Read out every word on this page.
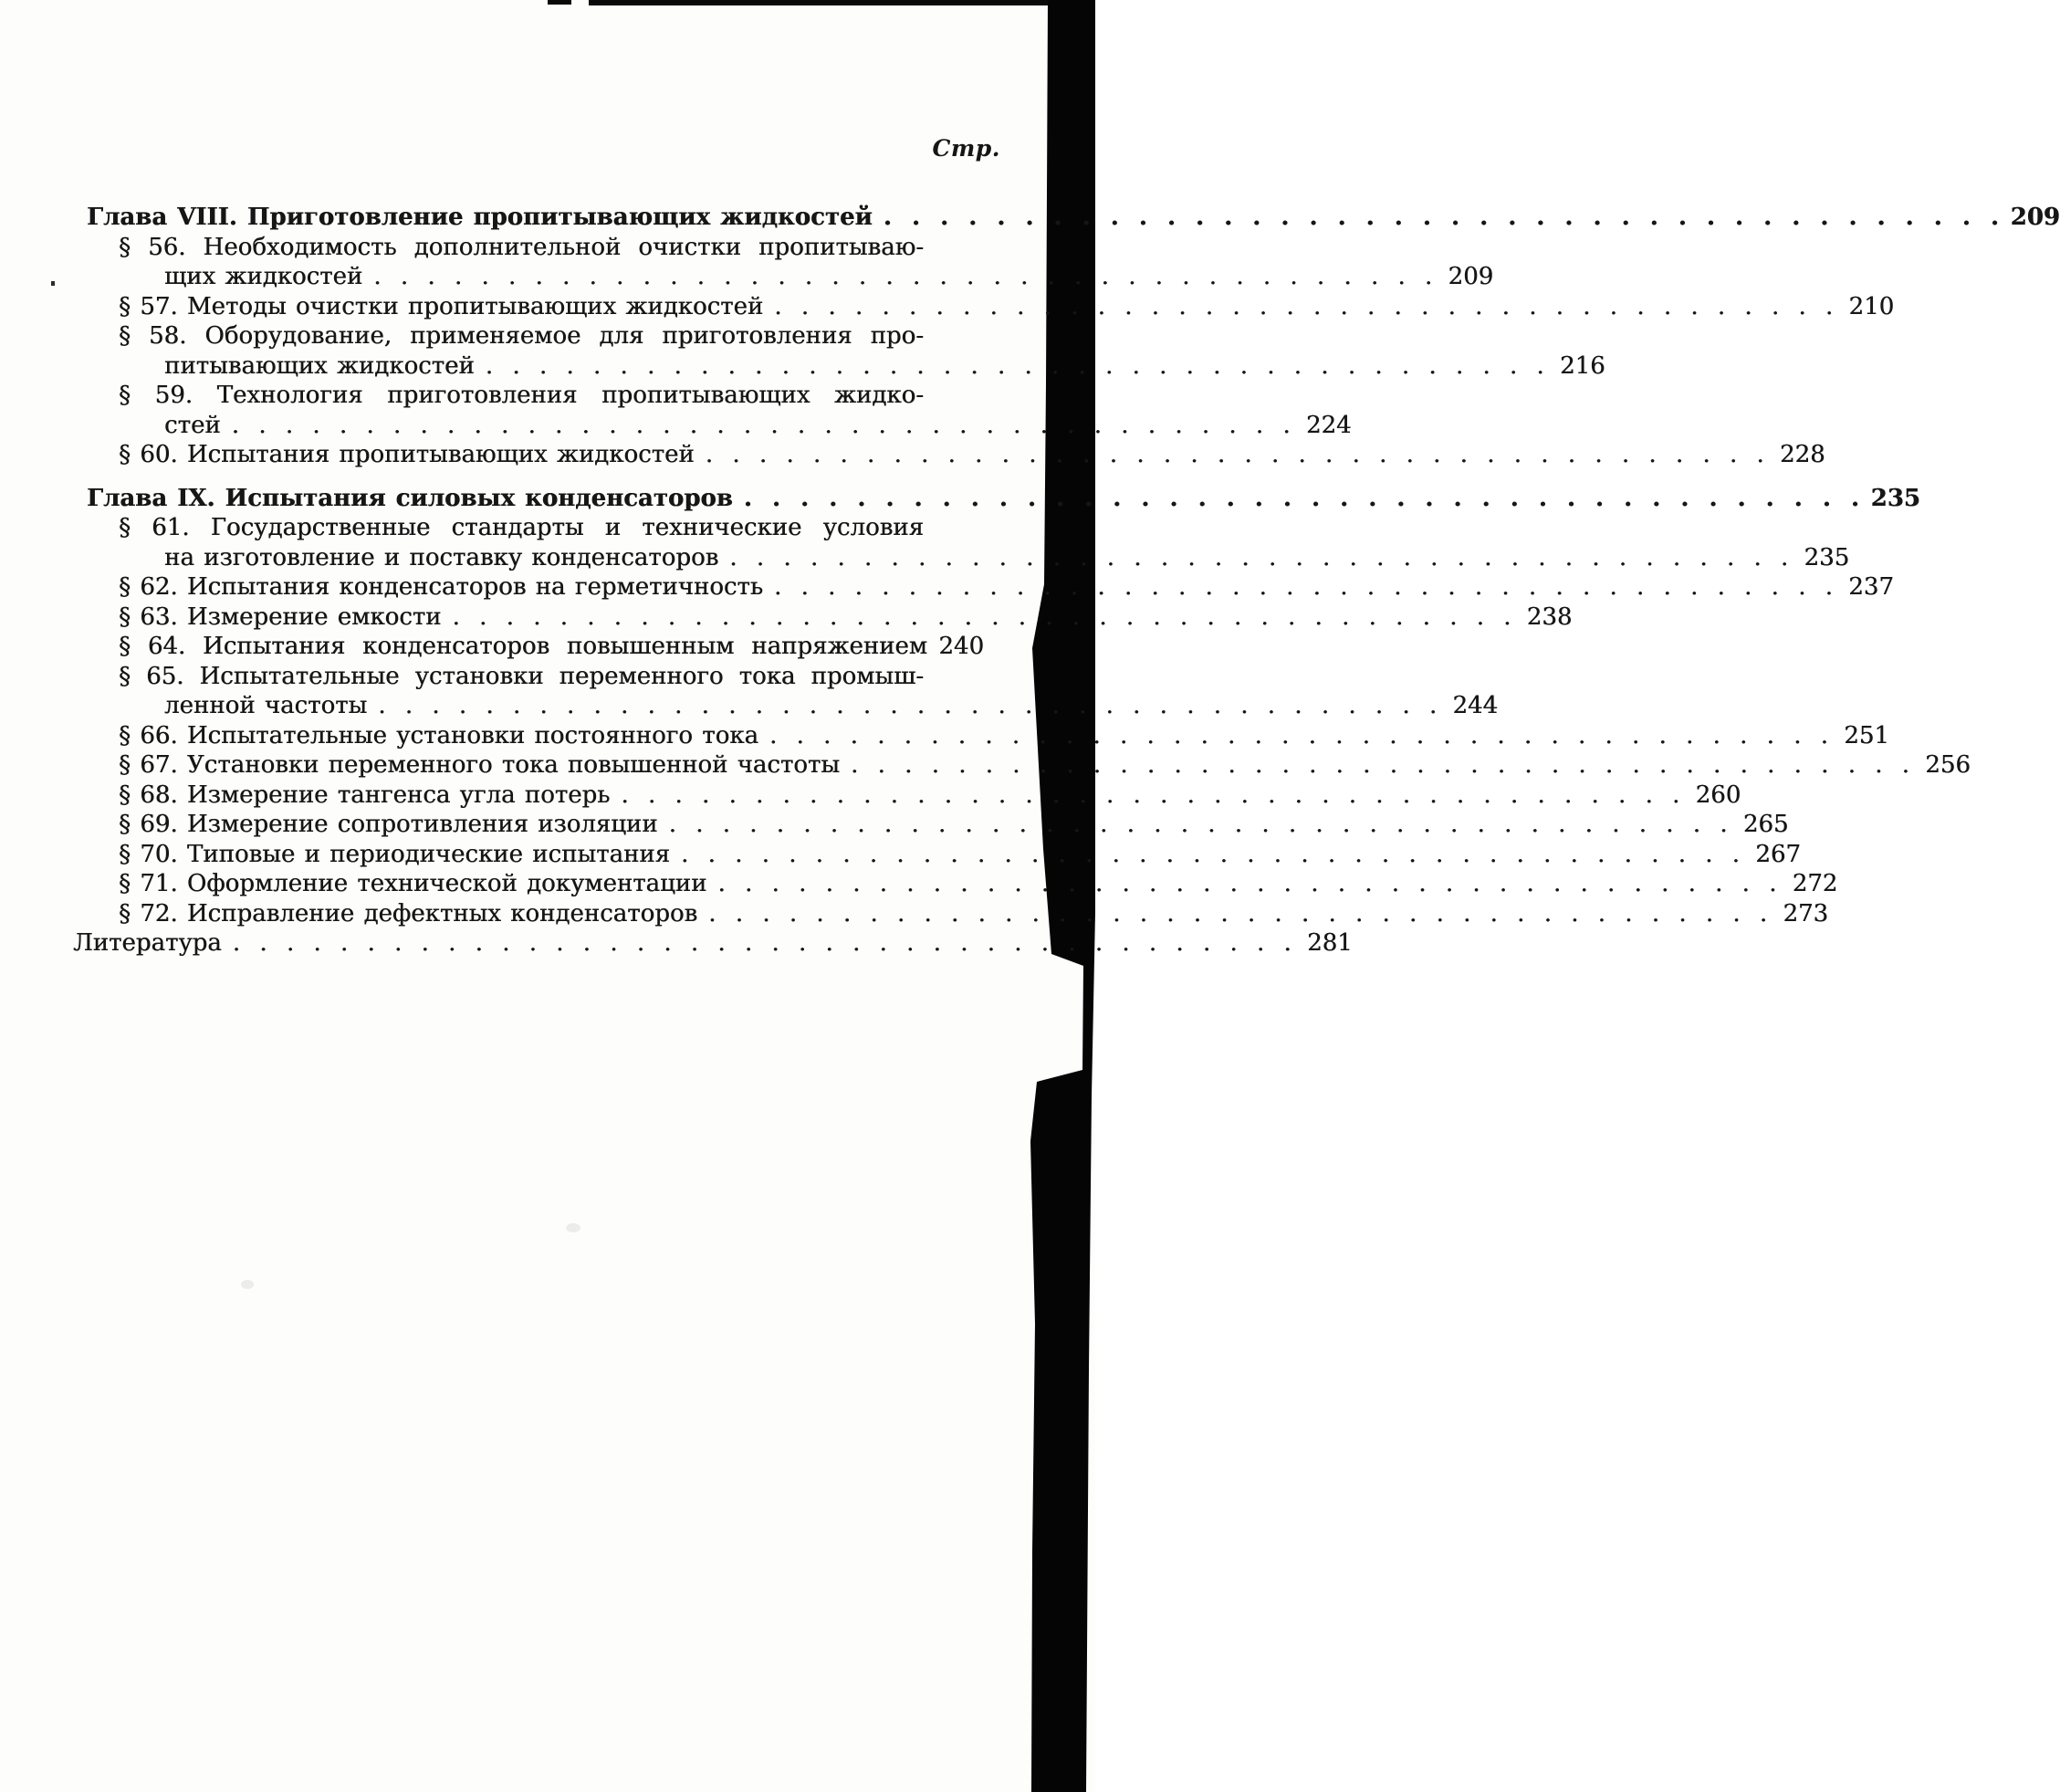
Стр.
Глава VIII. Приготовление пропитывающих жидкостей . . . . . . . . . . . . . . . . . . . . . . . . . . . . . . . . . . . . . . . . 209
§ 56. Необходимость дополнительной очистки пропитываю-
щих жидкостей . . . . . . . . . . . . . . . . . . . . . . . . . . . . . . . . . . . . . . . . 209
§ 57. Методы очистки пропитывающих жидкостей . . . . . . . . . . . . . . . . . . . . . . . . . . . . . . . . . . . . . . . . 210
§ 58. Оборудование, применяемое для приготовления про-
питывающих жидкостей . . . . . . . . . . . . . . . . . . . . . . . . . . . . . . . . . . . . . . . . 216
§ 59. Технология приготовления пропитывающих жидко-
стей . . . . . . . . . . . . . . . . . . . . . . . . . . . . . . . . . . . . . . . . 224
§ 60. Испытания пропитывающих жидкостей . . . . . . . . . . . . . . . . . . . . . . . . . . . . . . . . . . . . . . . . 228
Глава IX. Испытания силовых конденсаторов . . . . . . . . . . . . . . . . . . . . . . . . . . . . . . . . . . . . . . . . 235
§ 61. Государственные стандарты и технические условия
на изготовление и поставку конденсаторов . . . . . . . . . . . . . . . . . . . . . . . . . . . . . . . . . . . . . . . . 235
§ 62. Испытания конденсаторов на герметичность . . . . . . . . . . . . . . . . . . . . . . . . . . . . . . . . . . . . . . . . 237
§ 63. Измерение емкости . . . . . . . . . . . . . . . . . . . . . . . . . . . . . . . . . . . . . . . . 238
§ 64. Испытания конденсаторов повышенным напряжением 240
§ 65. Испытательные установки переменного тока промыш-
ленной частоты . . . . . . . . . . . . . . . . . . . . . . . . . . . . . . . . . . . . . . . . 244
§ 66. Испытательные установки постоянного тока . . . . . . . . . . . . . . . . . . . . . . . . . . . . . . . . . . . . . . . . 251
§ 67. Установки переменного тока повышенной частоты . . . . . . . . . . . . . . . . . . . . . . . . . . . . . . . . . . . . . . . . 256
§ 68. Измерение тангенса угла потерь . . . . . . . . . . . . . . . . . . . . . . . . . . . . . . . . . . . . . . . . 260
§ 69. Измерение сопротивления изоляции . . . . . . . . . . . . . . . . . . . . . . . . . . . . . . . . . . . . . . . . 265
§ 70. Типовые и периодические испытания . . . . . . . . . . . . . . . . . . . . . . . . . . . . . . . . . . . . . . . . 267
§ 71. Оформление технической документации . . . . . . . . . . . . . . . . . . . . . . . . . . . . . . . . . . . . . . . . 272
§ 72. Исправление дефектных конденсаторов . . . . . . . . . . . . . . . . . . . . . . . . . . . . . . . . . . . . . . . . 273
Литература . . . . . . . . . . . . . . . . . . . . . . . . . . . . . . . . . . . . . . . . 281
